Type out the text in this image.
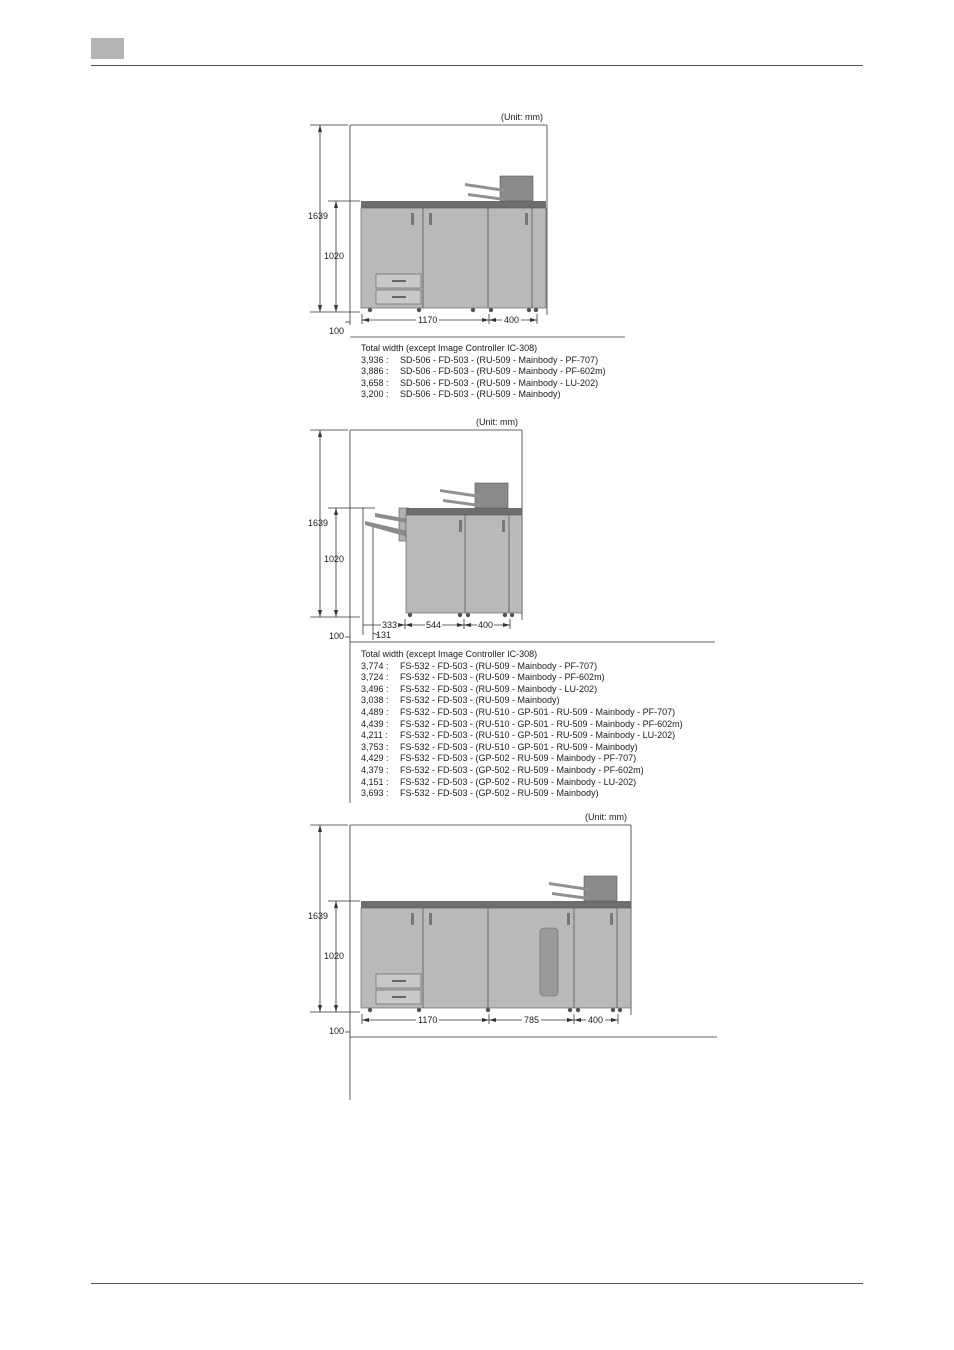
(Unit: mm)
1639
1020
100
1170	400
Total width (except Image Controller IC-308)
3,936 :	SD-506 - FD-503 - (RU-509 - Mainbody - PF-707)
3,886 :	SD-506 - FD-503 - (RU-509 - Mainbody - PF-602m)
3,658 :	SD-506 - FD-503 - (RU-509 - Mainbody - LU-202)
3,200 :	SD-506 - FD-503 - (RU-509 - Mainbody)
(Unit: mm)
1639
1020
100
333	544	400
131
Total width (except Image Controller IC-308)
3,774 :	FS-532 - FD-503 - (RU-509 - Mainbody - PF-707)
3,724 :	FS-532 - FD-503 - (RU-509 - Mainbody - PF-602m)
3,496 :	FS-532 - FD-503 - (RU-509 - Mainbody - LU-202)
3,038 :	FS-532 - FD-503 - (RU-509 - Mainbody)
4,489 :	FS-532 - FD-503 - (RU-510 - GP-501 - RU-509 - Mainbody - PF-707)
4,439 :	FS-532 - FD-503 - (RU-510 - GP-501 - RU-509 - Mainbody - PF-602m)
4,211 :	FS-532 - FD-503 - (RU-510 - GP-501 - RU-509 - Mainbody - LU-202)
3,753 :	FS-532 - FD-503 - (RU-510 - GP-501 - RU-509 - Mainbody)
4,429 :	FS-532 - FD-503 - (GP-502 - RU-509 - Mainbody - PF-707)
4,379 :	FS-532 - FD-503 - (GP-502 - RU-509 - Mainbody - PF-602m)
4,151 :	FS-532 - FD-503 - (GP-502 - RU-509 - Mainbody - LU-202)
3,693 :	FS-532 - FD-503 - (GP-502 - RU-509 - Mainbody)
(Unit: mm)
1639
1020
100
1170	785	400
